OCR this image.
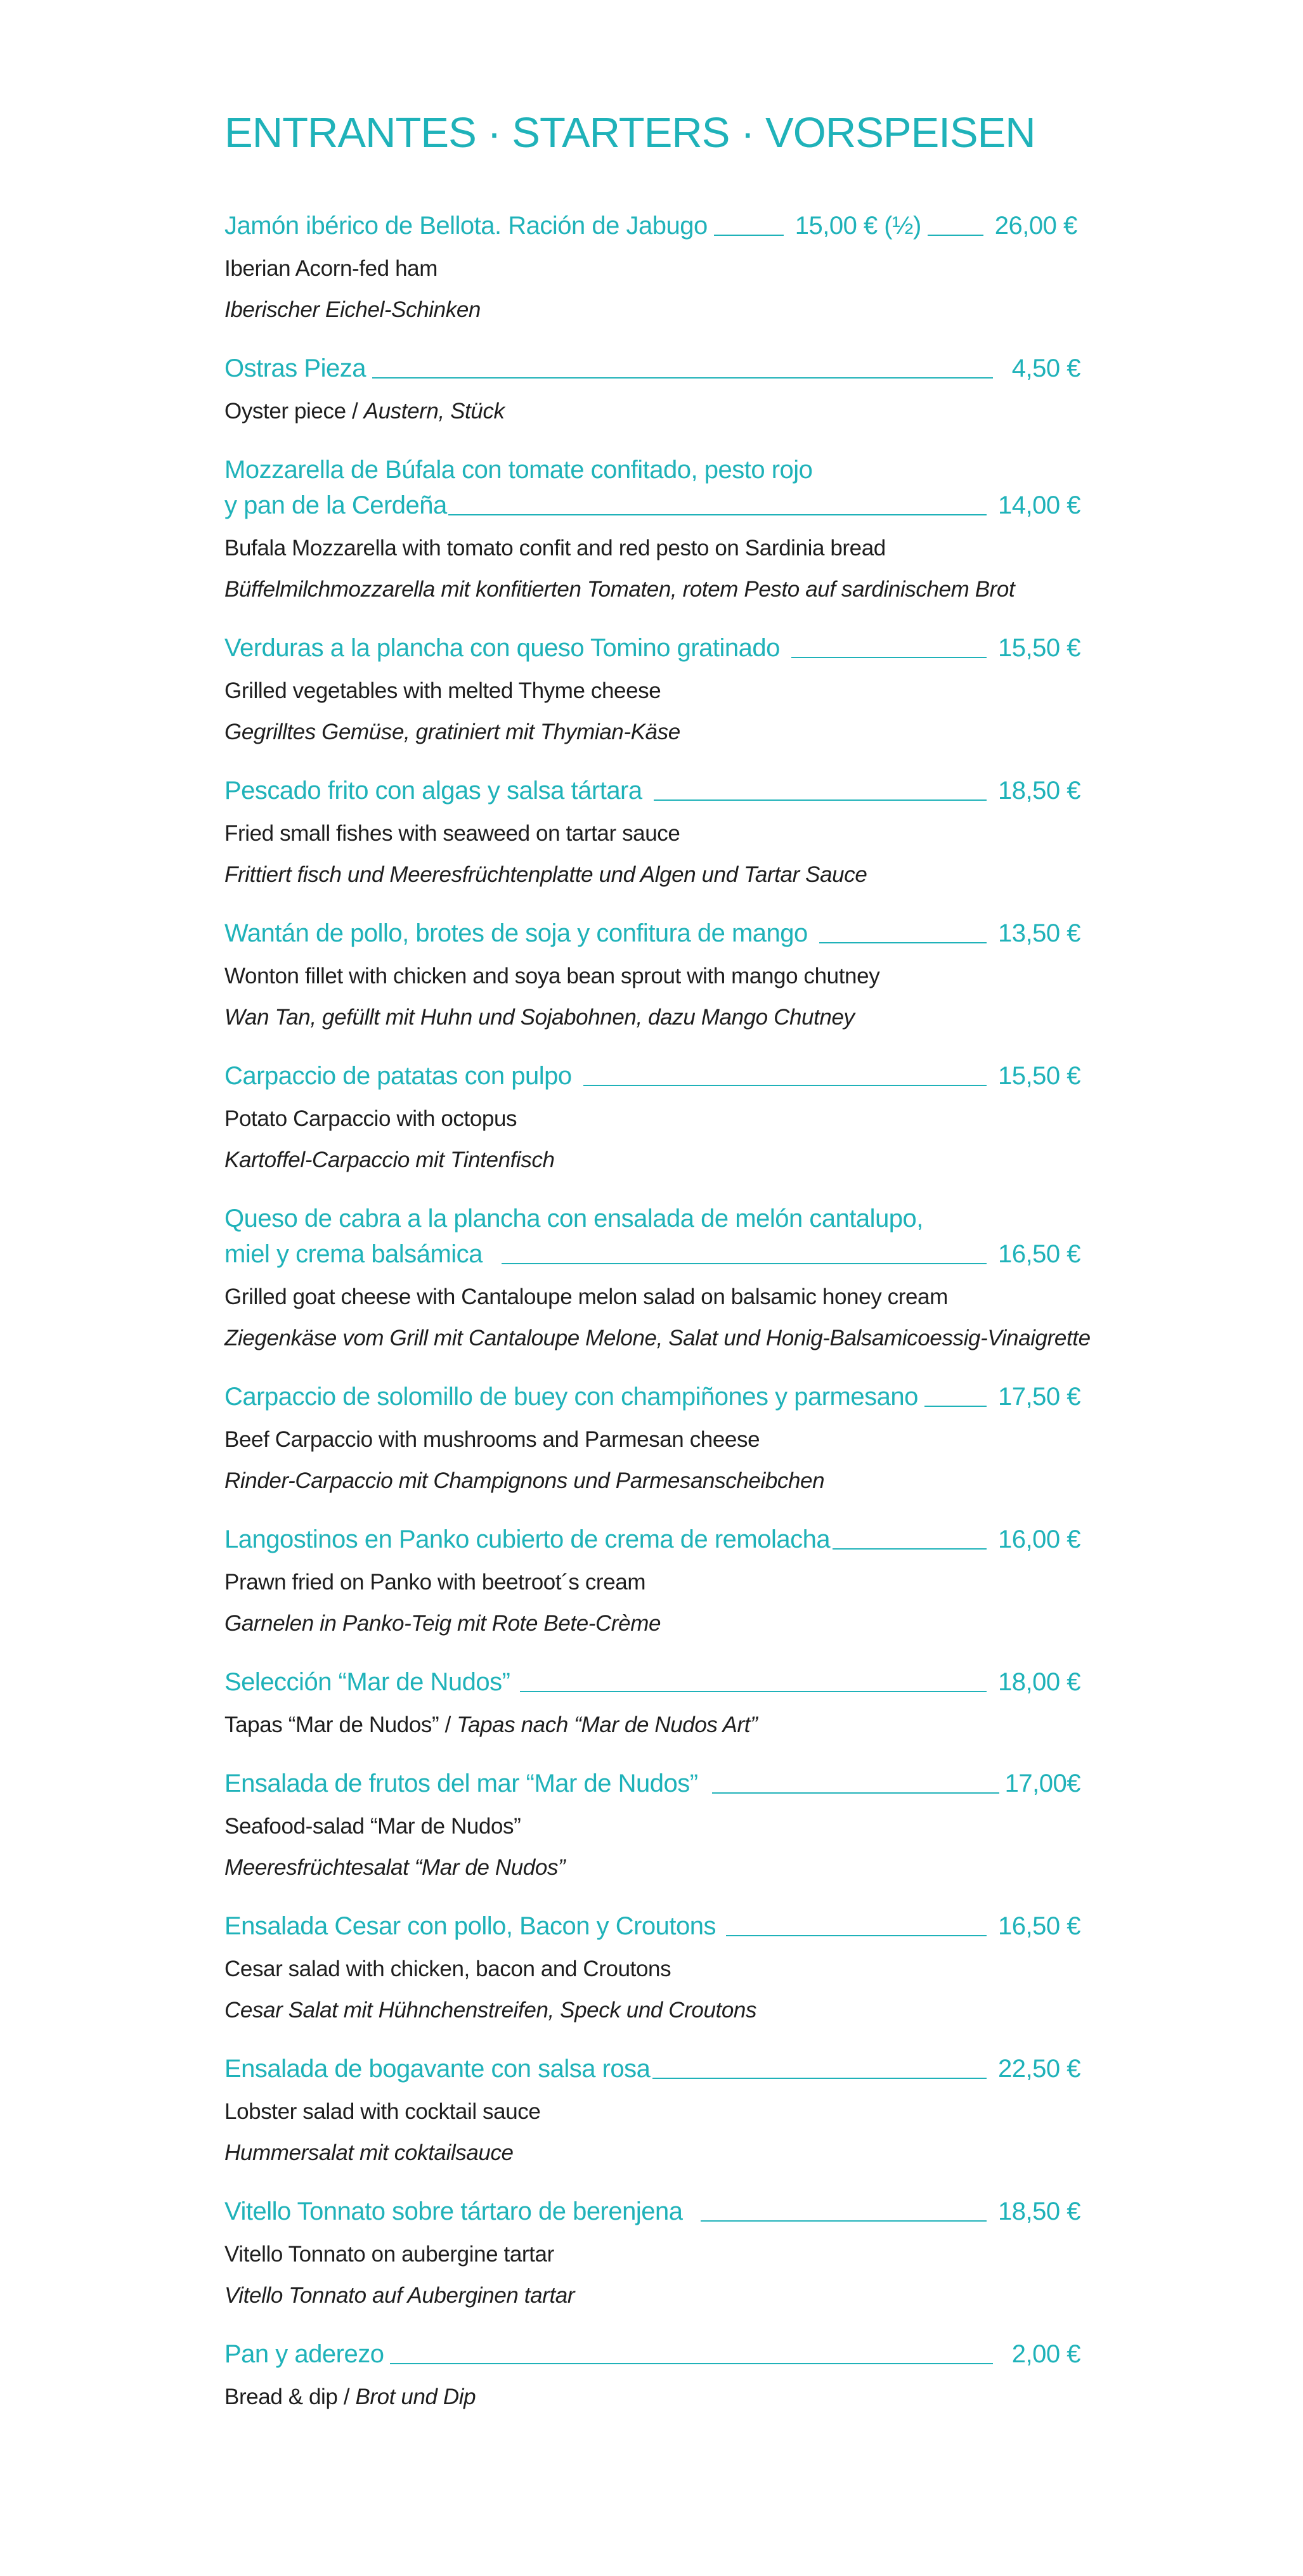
ENTRANTES · STARTERS · VORSPEISEN
Jamón ibérico de Bellota. Ración de Jabugo	15,00 € (½)	26,00 €
Iberian Acorn-fed ham
Iberischer Eichel-Schinken
Ostras Pieza	4,50 €
Oyster piece / Austern, Stück
Mozzarella de Búfala con tomate confitado, pesto rojo
y pan de la Cerdeña	14,00 €
Bufala Mozzarella with tomato confit and red pesto on Sardinia bread
Büffelmilchmozzarella mit konfitierten Tomaten, rotem Pesto auf sardinischem Brot
Verduras a la plancha con queso Tomino gratinado	15,50 €
Grilled vegetables with melted Thyme cheese
Gegrilltes Gemüse, gratiniert mit Thymian-Käse
Pescado frito con algas y salsa tártara	18,50 €
Fried small fishes with seaweed on tartar sauce
Frittiert fisch und Meeresfrüchtenplatte und Algen und Tartar Sauce
Wantán de pollo, brotes de soja y confitura de mango	13,50 €
Wonton fillet with chicken and soya bean sprout with mango chutney
Wan Tan, gefüllt mit Huhn und Sojabohnen, dazu Mango Chutney
Carpaccio de patatas con pulpo	15,50 €
Potato Carpaccio with octopus
Kartoffel-Carpaccio mit Tintenfisch
Queso de cabra a la plancha con ensalada de melón cantalupo,
miel y crema balsámica	16,50 €
Grilled goat cheese with Cantaloupe melon salad on balsamic honey cream
Ziegenkäse vom Grill mit Cantaloupe Melone, Salat und Honig-Balsamicoessig-Vinaigrette
Carpaccio de solomillo de buey con champiñones y parmesano	17,50 €
Beef Carpaccio with mushrooms and Parmesan cheese
Rinder-Carpaccio mit Champignons und Parmesanscheibchen
Langostinos en Panko cubierto de crema de remolacha	16,00 €
Prawn fried on Panko with beetroot´s cream
Garnelen in Panko-Teig mit Rote Bete-Crème
Selección “Mar de Nudos”	18,00 €
Tapas “Mar de Nudos” / Tapas nach “Mar de Nudos Art”
Ensalada de frutos del mar “Mar de Nudos”	17,00€
Seafood-salad “Mar de Nudos”
Meeresfrüchtesalat “Mar de Nudos”
Ensalada Cesar con pollo, Bacon y Croutons	16,50 €
Cesar salad with chicken, bacon and Croutons
Cesar Salat mit Hühnchenstreifen, Speck und Croutons
Ensalada de bogavante con salsa rosa	22,50 €
Lobster salad with cocktail sauce
Hummersalat mit coktailsauce
Vitello Tonnato sobre tártaro de berenjena	18,50 €
Vitello Tonnato on aubergine tartar
Vitello Tonnato auf Auberginen tartar
Pan y aderezo	2,00 €
Bread & dip / Brot und Dip
